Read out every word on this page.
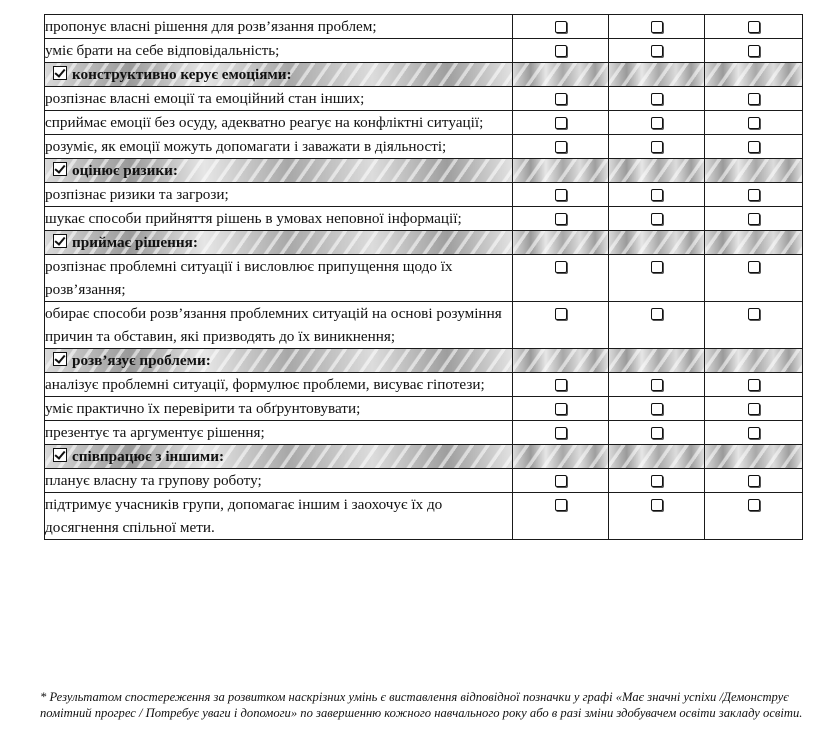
пропонує власні рішення для розв’язання проблем;			
уміє брати на себе відповідальність;			
конструктивно керує емоціями:			
розпізнає власні емоції та емоційний стан інших;			
сприймає емоції без осуду, адекватно реагує на конфліктні ситуації;			
розуміє, як емоції можуть допомагати і заважати в діяльності;			
оцінює ризики:			
розпізнає ризики та загрози;			
шукає способи прийняття рішень в умовах неповної інформації;			
приймає рішення:			
розпізнає проблемні ситуації і висловлює припущення щодо їх розв’язання;			
обирає способи розв’язання проблемних ситуацій на основі розуміння причин та обставин, які призводять до їх виникнення;			
розв’язує проблеми:			
аналізує проблемні ситуації, формулює проблеми, висуває гіпотези;			
уміє практично їх перевірити та обґрунтовувати;			
презентує та аргументує рішення;			
співпрацює з іншими:			
планує власну та групову роботу;			
підтримує учасників групи, допомагає іншим і заохочує їх до досягнення спільної мети.			
* Результатом спостереження за розвитком наскрізних умінь є виставлення відповідної позначки у графі «Має значні успіхи /Демонструє помітний прогрес / Потребує уваги і допомоги» по завершенню кожного навчального року або в разі зміни здобувачем освіти закладу освіти.
